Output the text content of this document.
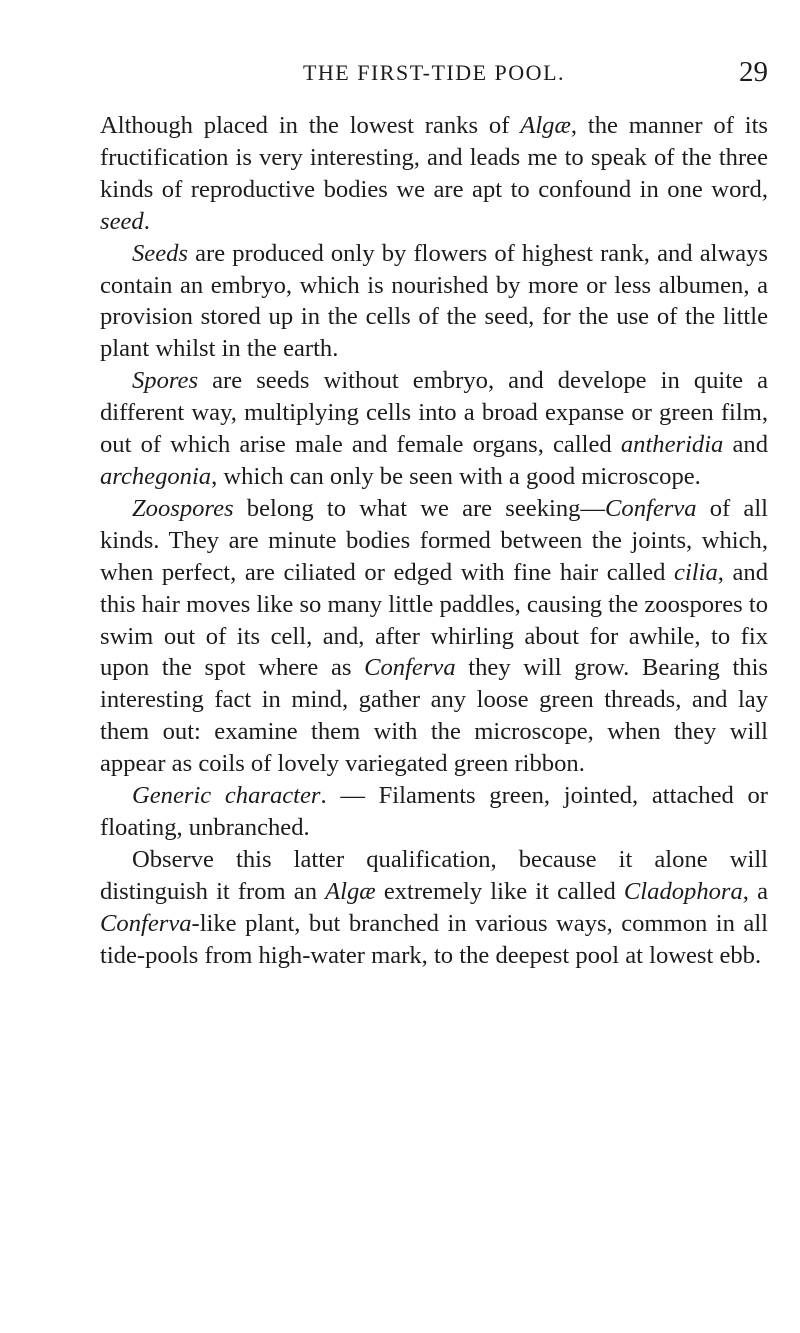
THE FIRST-TIDE POOL.	29

Although placed in the lowest ranks of Algæ, the manner of its fructification is very interesting, and leads me to speak of the three kinds of reproductive bodies we are apt to confound in one word, seed.

Seeds are produced only by flowers of highest rank, and always contain an embryo, which is nourished by more or less albumen, a provision stored up in the cells of the seed, for the use of the little plant whilst in the earth.

Spores are seeds without embryo, and develope in quite a different way, multiplying cells into a broad expanse or green film, out of which arise male and female organs, called antheridia and archegonia, which can only be seen with a good microscope.

Zoospores belong to what we are seeking—Conferva of all kinds. They are minute bodies formed between the joints, which, when perfect, are ciliated or edged with fine hair called cilia, and this hair moves like so many little paddles, causing the zoospores to swim out of its cell, and, after whirling about for awhile, to fix upon the spot where as Conferva they will grow. Bearing this interesting fact in mind, gather any loose green threads, and lay them out: examine them with the microscope, when they will appear as coils of lovely variegated green ribbon.

Generic character. — Filaments green, jointed, attached or floating, unbranched.

Observe this latter qualification, because it alone will distinguish it from an Algæ extremely like it called Cladophora, a Conferva-like plant, but branched in various ways, common in all tide-pools from high-water mark, to the deepest pool at lowest ebb.
